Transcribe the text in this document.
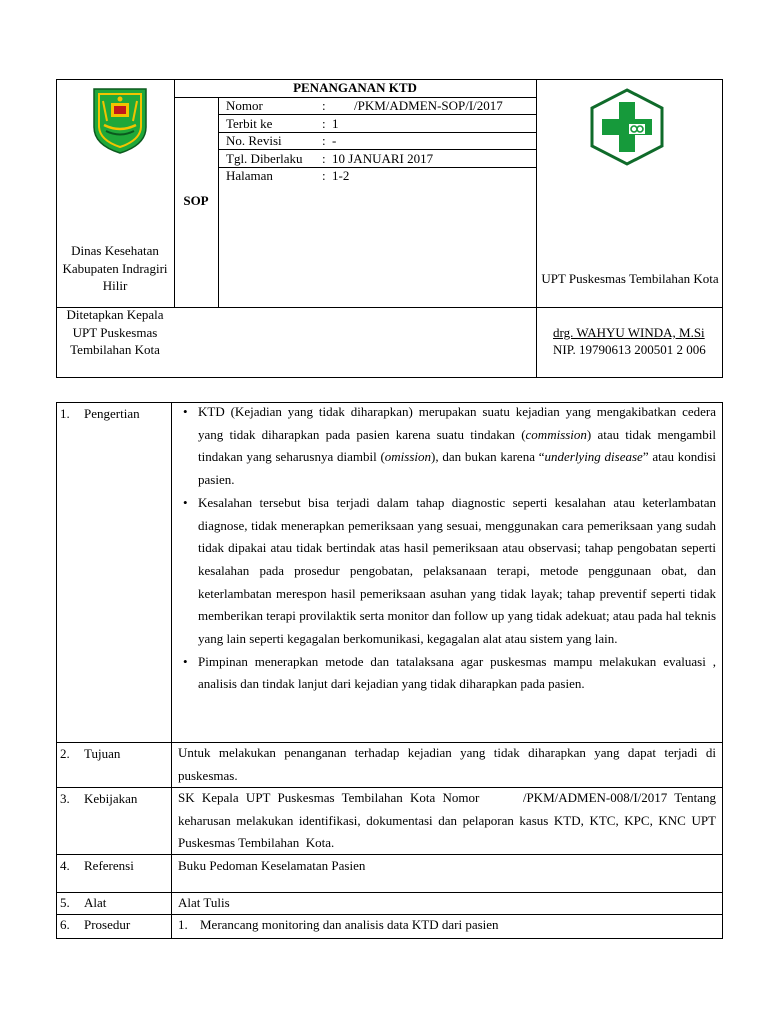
Dinas Kesehatan Kabupaten Indragiri Hilir
SOP
PENANGANAN KTD
Nomor	: /PKM/ADMEN-SOP/I/2017
Terbit ke	: 1
No. Revisi	: -
Tgl. Diberlaku : 10 JANUARI 2017
Halaman	: 1-2
UPT Puskesmas Tembilahan Kota
Ditetapkan Kepala UPT Puskesmas Tembilahan Kota
drg. WAHYU WINDA, M.Si
NIP. 19790613 200501 2 006
1. Pengertian
•	KTD (Kejadian yang tidak diharapkan) merupakan suatu kejadian yang mengakibatkan cedera yang tidak diharapkan pada pasien karena suatu tindakan (commission) atau tidak mengambil tindakan yang seharusnya diambil (omission), dan bukan karena “underlying disease” atau kondisi pasien.
• Kesalahan tersebut bisa terjadi dalam tahap diagnostic seperti kesalahan atau keterlambatan diagnose, tidak menerapkan pemeriksaan yang sesuai, menggunakan cara pemeriksaan yang sudah tidak dipakai atau tidak bertindak atas hasil pemeriksaan atau observasi; tahap pengobatan seperti kesalahan pada prosedur pengobatan, pelaksanaan terapi, metode penggunaan obat, dan keterlambatan merespon hasil pemeriksaan asuhan yang tidak layak; tahap preventif seperti tidak memberikan terapi provilaktik serta monitor dan follow up yang tidak adekuat; atau pada hal teknis yang lain seperti kegagalan berkomunikasi, kegagalan alat atau sistem yang lain.
• Pimpinan menerapkan metode dan tatalaksana agar puskesmas mampu melakukan evaluasi , analisis dan tindak lanjut dari kejadian yang tidak diharapkan pada pasien.
2. Tujuan	Untuk melakukan penanganan terhadap kejadian yang tidak diharapkan yang dapat terjadi di puskesmas.
3. Kebijakan	SK Kepala UPT Puskesmas Tembilahan Kota Nomor      /PKM/ADMEN-008/I/2017 Tentang keharusan melakukan identifikasi, dokumentasi dan pelaporan kasus KTD, KTC, KPC, KNC UPT Puskesmas Tembilahan  Kota.
4. Referensi	Buku Pedoman Keselamatan Pasien
5. Alat	Alat Tulis
6. Prosedur	1. Merancang monitoring dan analisis data KTD dari pasien
